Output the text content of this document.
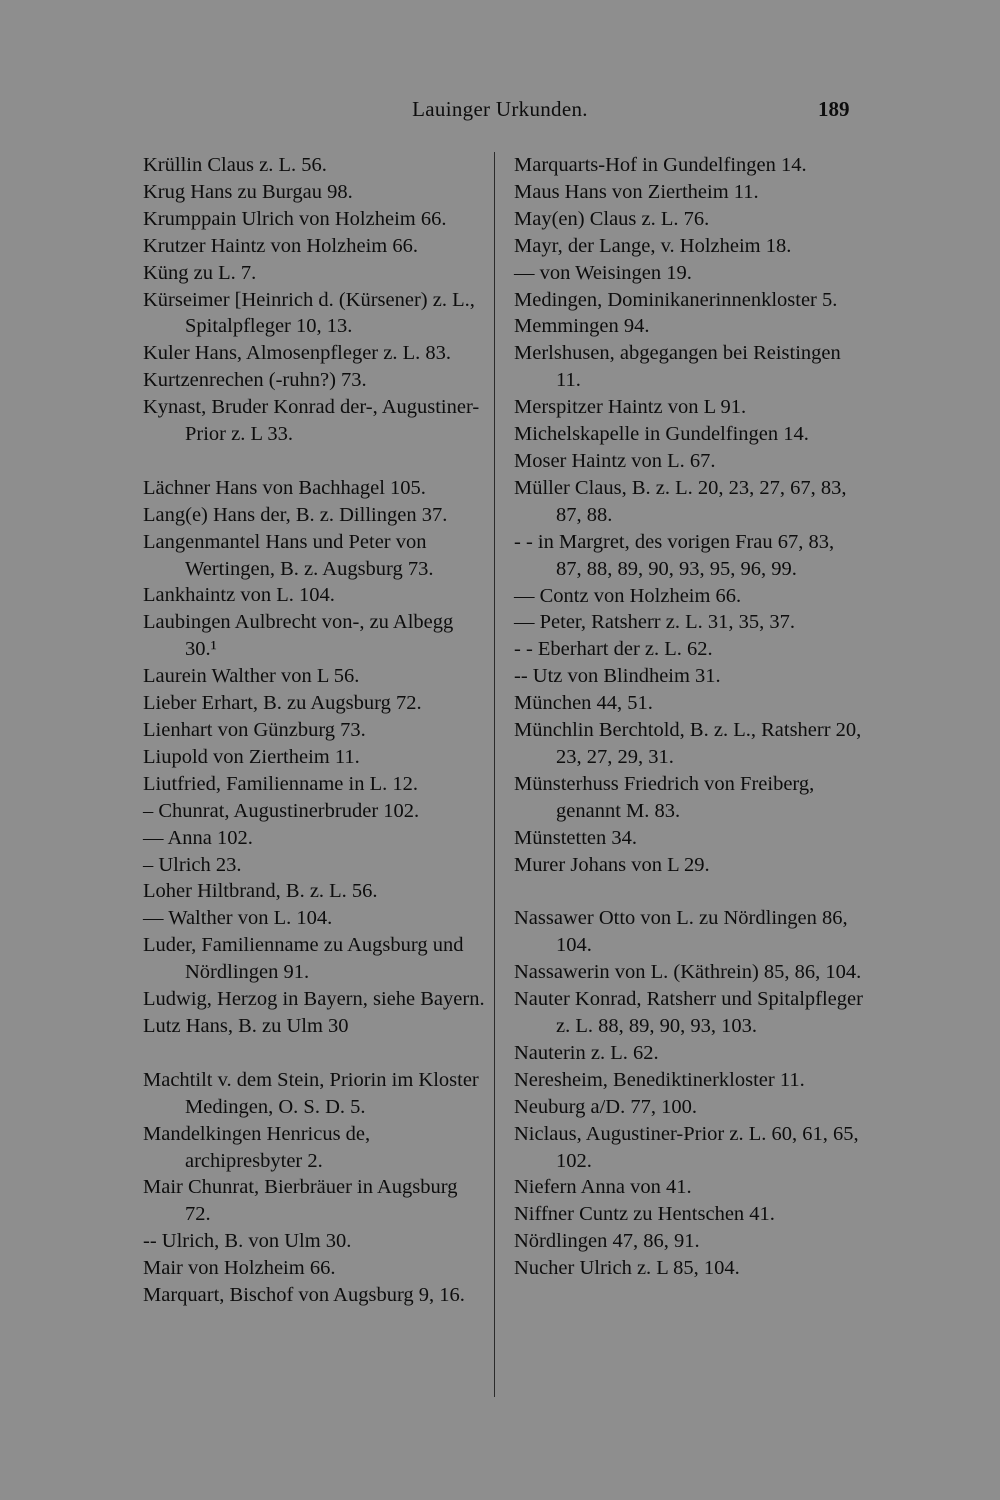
Lauinger Urkunden.	189
Krüllin Claus z. L. 56.
Krug Hans zu Burgau 98.
Krumppain Ulrich von Holzheim 66.
Krutzer Haintz von Holzheim 66.
Küng zu L. 7.
Kürseimer [Heinrich d. (Kürsener) z. L., Spitalpfleger 10, 13.
Kuler Hans, Almosenpfleger z. L. 83.
Kurtzenrechen (-ruhn?) 73.
Kynast, Bruder Konrad der-, Augustiner-Prior z. L 33.
Lächner Hans von Bachhagel 105.
Lang(e) Hans der, B. z. Dillingen 37.
Langenmantel Hans und Peter von Wertingen, B. z. Augsburg 73.
Lankhaintz von L. 104.
Laubingen Aulbrecht von-, zu Albegg 30.¹
Laurein Walther von L 56.
Lieber Erhart, B. zu Augsburg 72.
Lienhart von Günzburg 73.
Liupold von Ziertheim 11.
Liutfried, Familienname in L. 12.
– Chunrat, Augustinerbruder 102.
— Anna 102.
– Ulrich 23.
Loher Hiltbrand, B. z. L. 56.
— Walther von L. 104.
Luder, Familienname zu Augsburg und Nördlingen 91.
Ludwig, Herzog in Bayern, siehe Bayern.
Lutz Hans, B. zu Ulm 30
Machtilt v. dem Stein, Priorin im Kloster Medingen, O. S. D. 5.
Mandelkingen Henricus de, archipresbyter 2.
Mair Chunrat, Bierbräuer in Augsburg 72.
-- Ulrich, B. von Ulm 30.
Mair von Holzheim 66.
Marquart, Bischof von Augsburg 9, 16.
Marquarts-Hof in Gundelfingen 14.
Maus Hans von Ziertheim 11.
May(en) Claus z. L. 76.
Mayr, der Lange, v. Holzheim 18.
— von Weisingen 19.
Medingen, Dominikanerinnenkloster 5.
Memmingen 94.
Merlshusen, abgegangen bei Reistingen 11.
Merspitzer Haintz von L 91.
Michelskapelle in Gundelfingen 14.
Moser Haintz von L. 67.
Müller Claus, B. z. L. 20, 23, 27, 67, 83, 87, 88.
- - in Margret, des vorigen Frau 67, 83, 87, 88, 89, 90, 93, 95, 96, 99.
— Contz von Holzheim 66.
— Peter, Ratsherr z. L. 31, 35, 37.
- - Eberhart der z. L. 62.
-- Utz von Blindheim 31.
München 44, 51.
Münchlin Berchtold, B. z. L., Ratsherr 20, 23, 27, 29, 31.
Münsterhuss Friedrich von Freiberg, genannt M. 83.
Münstetten 34.
Murer Johans von L 29.
Nassawer Otto von L. zu Nördlingen 86, 104.
Nassawerin von L. (Käthrein) 85, 86, 104.
Nauter Konrad, Ratsherr und Spitalpfleger z. L. 88, 89, 90, 93, 103.
Nauterin z. L. 62.
Neresheim, Benediktinerkloster 11.
Neuburg a/D. 77, 100.
Niclaus, Augustiner-Prior z. L. 60, 61, 65, 102.
Niefern Anna von 41.
Niffner Cuntz zu Hentschen 41.
Nördlingen 47, 86, 91.
Nucher Ulrich z. L 85, 104.
